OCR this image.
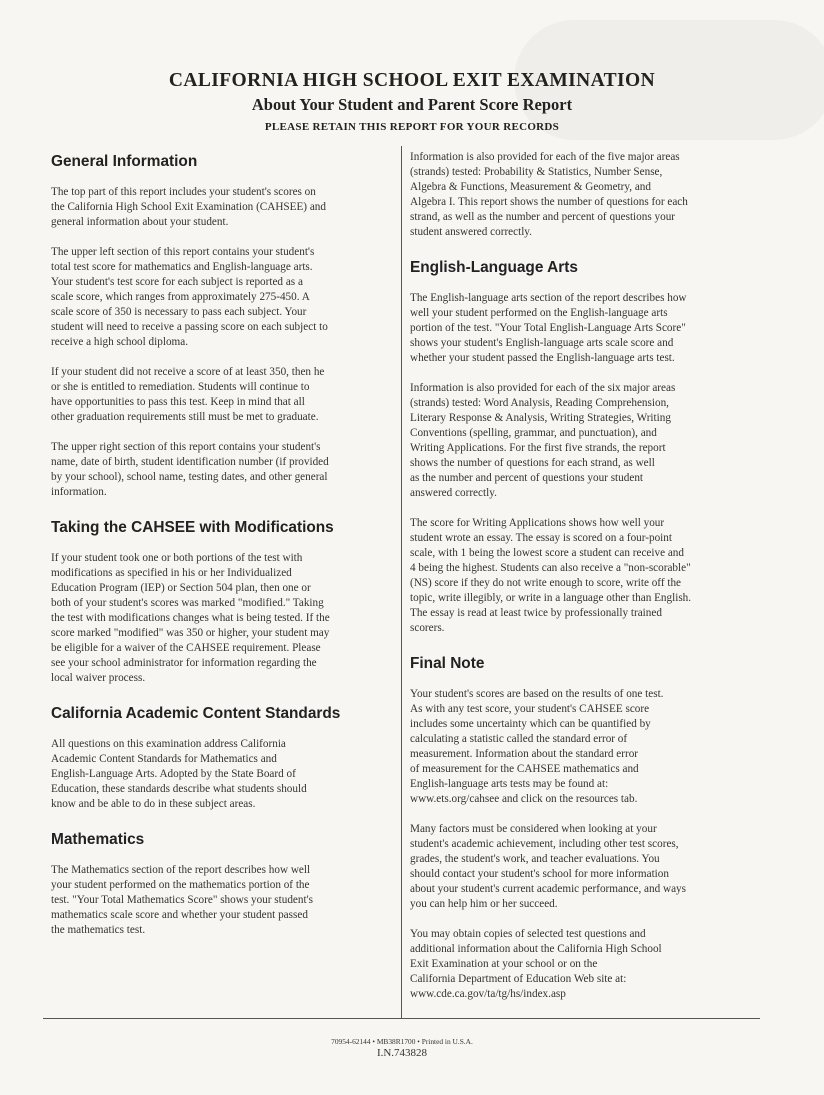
CALIFORNIA HIGH SCHOOL EXIT EXAMINATION
About Your Student and Parent Score Report
PLEASE RETAIN THIS REPORT FOR YOUR RECORDS
General Information

The top part of this report includes your student's scores on
the California High School Exit Examination (CAHSEE) and
general information about your student.

The upper left section of this report contains your student's
total test score for mathematics and English-language arts.
Your student's test score for each subject is reported as a
scale score, which ranges from approximately 275-450. A
scale score of 350 is necessary to pass each subject. Your
student will need to receive a passing score on each subject to
receive a high school diploma.

If your student did not receive a score of at least 350, then he
or she is entitled to remediation. Students will continue to
have opportunities to pass this test. Keep in mind that all
other graduation requirements still must be met to graduate.

The upper right section of this report contains your student's
name, date of birth, student identification number (if provided
by your school), school name, testing dates, and other general
information.

Taking the CAHSEE with Modifications

If your student took one or both portions of the test with
modifications as specified in his or her Individualized
Education Program (IEP) or Section 504 plan, then one or
both of your student's scores was marked "modified." Taking
the test with modifications changes what is being tested. If the
score marked "modified" was 350 or higher, your student may
be eligible for a waiver of the CAHSEE requirement. Please
see your school administrator for information regarding the
local waiver process.

California Academic Content Standards

All questions on this examination address California
Academic Content Standards for Mathematics and
English-Language Arts. Adopted by the State Board of
Education, these standards describe what students should
know and be able to do in these subject areas.

Mathematics

The Mathematics section of the report describes how well
your student performed on the mathematics portion of the
test. "Your Total Mathematics Score" shows your student's
mathematics scale score and whether your student passed
the mathematics test.

Information is also provided for each of the five major areas
(strands) tested: Probability & Statistics, Number Sense,
Algebra & Functions, Measurement & Geometry, and
Algebra I. This report shows the number of questions for each
strand, as well as the number and percent of questions your
student answered correctly.

English-Language Arts

The English-language arts section of the report describes how
well your student performed on the English-language arts
portion of the test. "Your Total English-Language Arts Score"
shows your student's English-language arts scale score and
whether your student passed the English-language arts test.

Information is also provided for each of the six major areas
(strands) tested: Word Analysis, Reading Comprehension,
Literary Response & Analysis, Writing Strategies, Writing
Conventions (spelling, grammar, and punctuation), and
Writing Applications. For the first five strands, the report
shows the number of questions for each strand, as well
as the number and percent of questions your student
answered correctly.

The score for Writing Applications shows how well your
student wrote an essay. The essay is scored on a four-point
scale, with 1 being the lowest score a student can receive and
4 being the highest. Students can also receive a "non-scorable"
(NS) score if they do not write enough to score, write off the
topic, write illegibly, or write in a language other than English.
The essay is read at least twice by professionally trained
scorers.

Final Note

Your student's scores are based on the results of one test.
As with any test score, your student's CAHSEE score
includes some uncertainty which can be quantified by
calculating a statistic called the standard error of
measurement. Information about the standard error
of measurement for the CAHSEE mathematics and
English-language arts tests may be found at:
www.ets.org/cahsee and click on the resources tab.

Many factors must be considered when looking at your
student's academic achievement, including other test scores,
grades, the student's work, and teacher evaluations. You
should contact your student's school for more information
about your student's current academic performance, and ways
you can help him or her succeed.

You may obtain copies of selected test questions and
additional information about the California High School
Exit Examination at your school or on the
California Department of Education Web site at:
www.cde.ca.gov/ta/tg/hs/index.asp

70954-62144 • MB38R1700 • Printed in U.S.A.
I.N.743828
